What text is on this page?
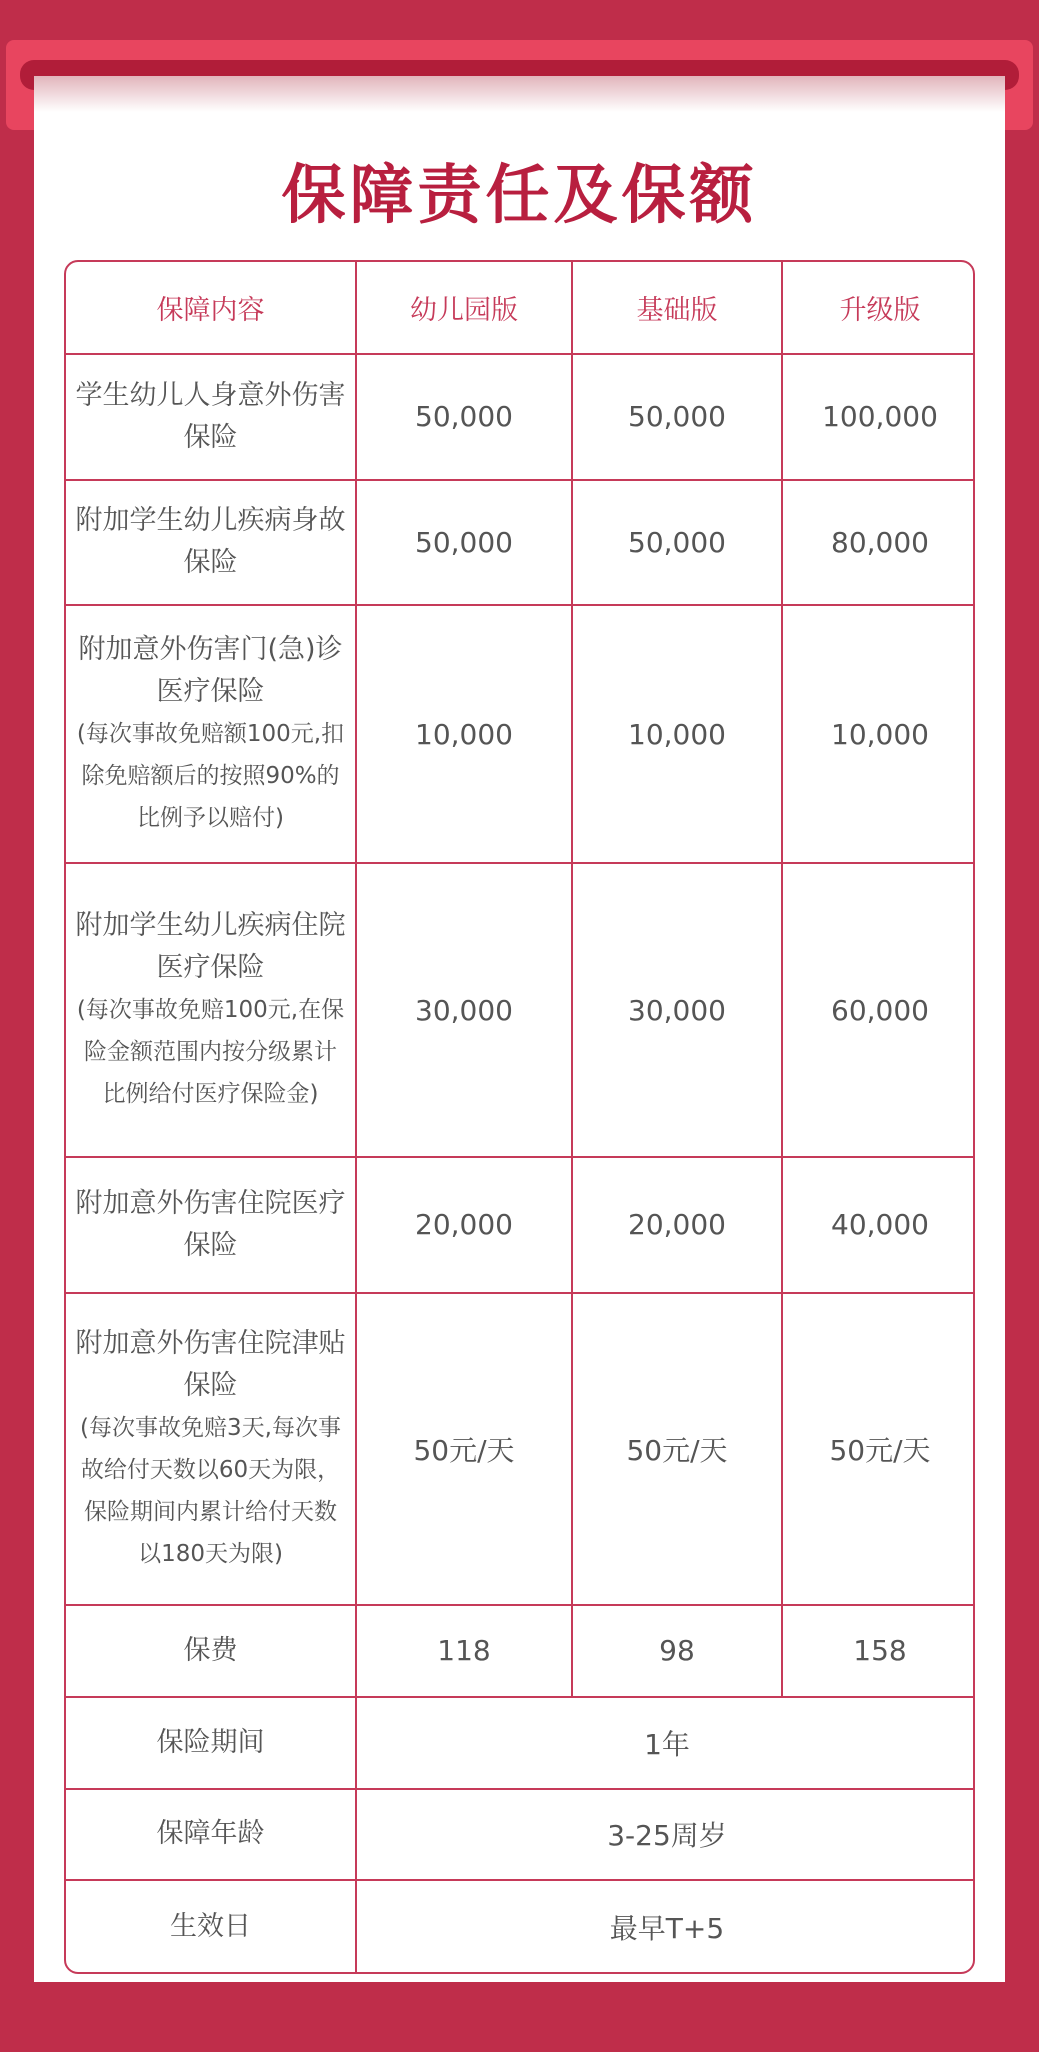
保障责任及保额
保障内容	幼儿园版	基础版	升级版

学生幼儿人身意外伤害保险	50,000	50,000	100,000

附加学生幼儿疾病身故保险	50,000	50,000	80,000

附加意外伤害门(急)诊医疗保险
(每次事故免赔额100元,扣除免赔额后的按照90%的比例予以赔付)	10,000	10,000	10,000

附加学生幼儿疾病住院医疗保险
(每次事故免赔100元,在保险金额范围内按分级累计比例给付医疗保险金)	30,000	30,000	60,000

附加意外伤害住院医疗保险	20,000	20,000	40,000

附加意外伤害住院津贴保险
(每次事故免赔3天,每次事故给付天数以60天为限，保险期间内累计给付天数以180天为限)	50元/天	50元/天	50元/天
保费	118	98	158
保险期间	1年		
保障年龄	3-25周岁		
生效日	最早T+5		
